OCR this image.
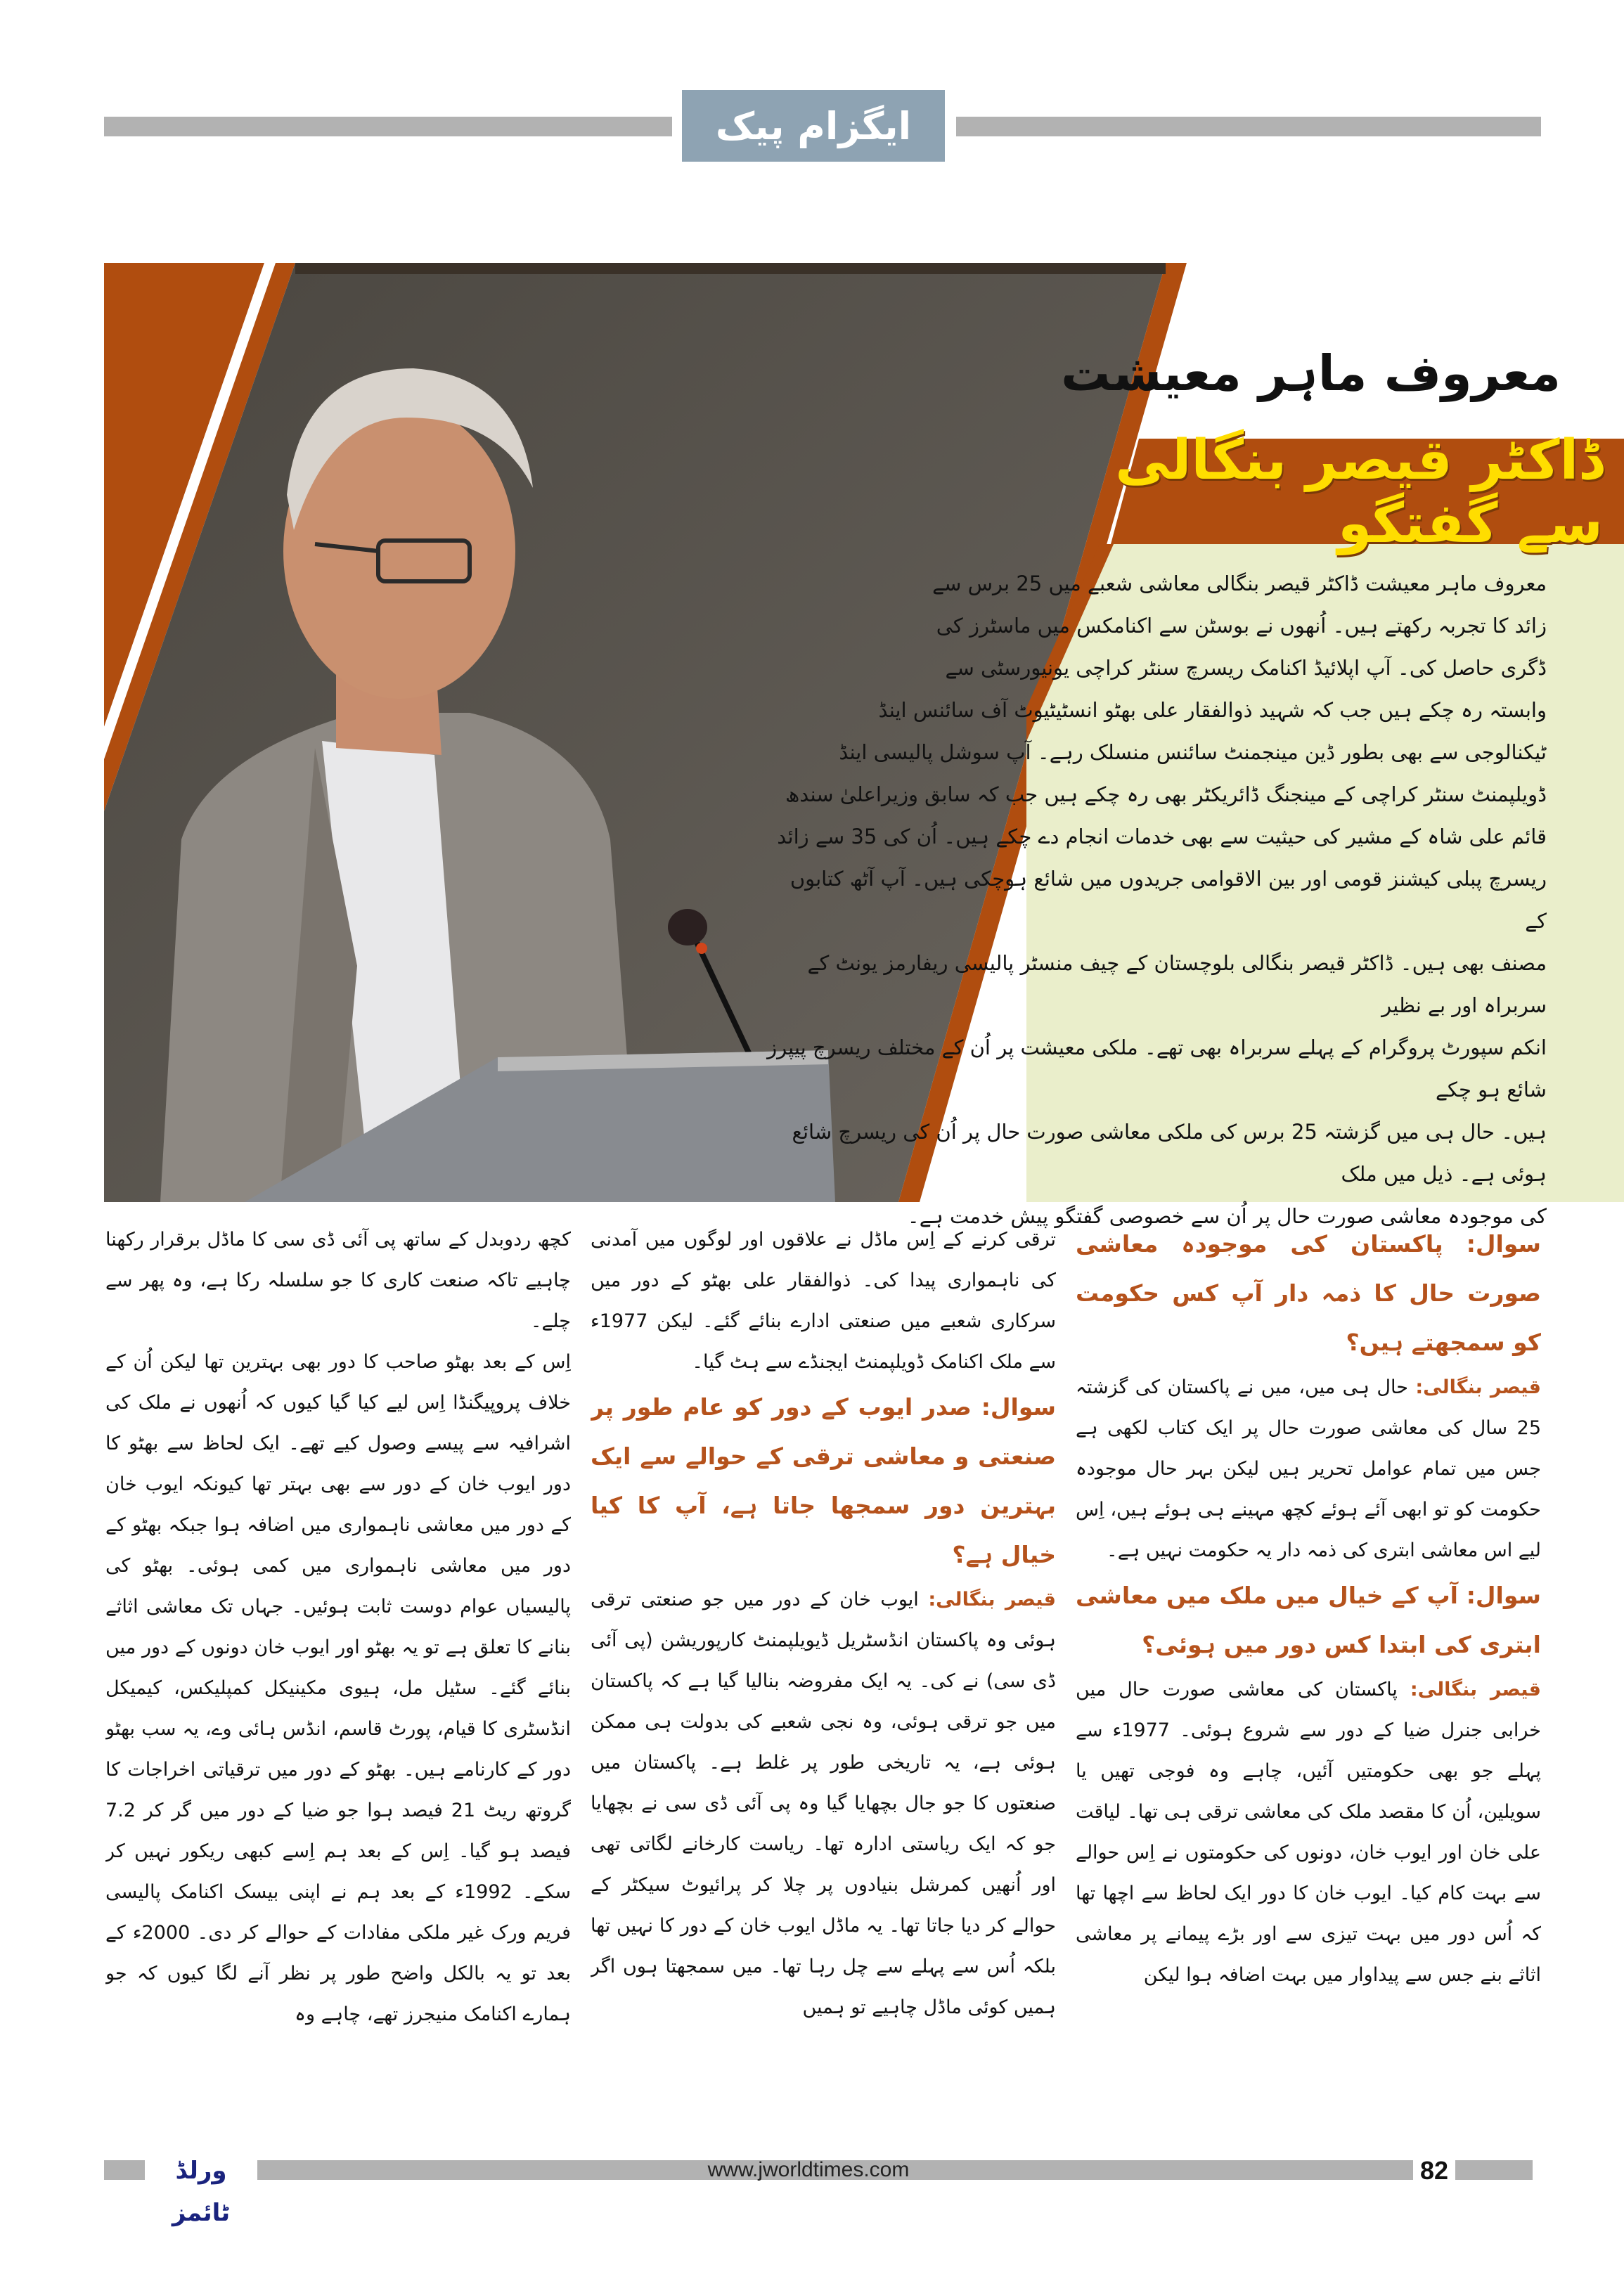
ایگزام پیک
معروف ماہر معیشت
ڈاکٹر قیصر بنگالی سے گفتگو

معروف ماہر معیشت ڈاکٹر قیصر بنگالی معاشی شعبے میں 25 برس سے

زائد کا تجربہ رکھتے ہیں۔ اُنھوں نے بوسٹن سے اکنامکس میں ماسٹرز کی

ڈگری حاصل کی۔ آپ اپلائیڈ اکنامک ریسرچ سنٹر کراچی یونیورسٹی سے

وابستہ رہ چکے ہیں جب کہ شہید ذوالفقار علی بھٹو انسٹیٹیوٹ آف سائنس اینڈ

ٹیکنالوجی سے بھی بطور ڈین مینجمنٹ سائنس منسلک رہے۔ آپ سوشل پالیسی اینڈ

ڈویلپمنٹ سنٹر کراچی کے مینجنگ ڈائریکٹر بھی رہ چکے ہیں جب کہ سابق وزیراعلیٰ سندھ

قائم علی شاہ کے مشیر کی حیثیت سے بھی خدمات انجام دے چکے ہیں۔ اُن کی 35 سے زائد

ریسرچ پبلی کیشنز قومی اور بین الاقوامی جریدوں میں شائع ہوچکی ہیں۔ آپ آٹھ کتابوں کے

مصنف بھی ہیں۔ ڈاکٹر قیصر بنگالی بلوچستان کے چیف منسٹر پالیسی ریفارمز یونٹ کے سربراہ اور بے نظیر

انکم سپورٹ پروگرام کے پہلے سربراہ بھی تھے۔ ملکی معیشت پر اُن کے مختلف ریسرچ پیپرز شائع ہو چکے

ہیں۔ حال ہی میں گزشتہ 25 برس کی ملکی معاشی صورت حال پر اُن کی ریسرچ شائع ہوئی ہے۔ ذیل میں ملک

کی موجودہ معاشی صورت حال پر اُن سے خصوصی گفتگو پیش خدمت ہے۔

سوال: پاکستان کی موجودہ معاشی صورت حال کا ذمہ دار آپ کس حکومت کو سمجھتے ہیں؟

قیصر بنگالی: حال ہی میں، میں نے پاکستان کی گزشتہ 25 سال کی معاشی صورت حال پر ایک کتاب لکھی ہے جس میں تمام عوامل تحریر ہیں لیکن بہر حال موجودہ حکومت کو تو ابھی آئے ہوئے کچھ مہینے ہی ہوئے ہیں، اِس لیے اس معاشی ابتری کی ذمہ دار یہ حکومت نہیں ہے۔

سوال: آپ کے خیال میں ملک میں معاشی ابتری کی ابتدا کس دور میں ہوئی؟

قیصر بنگالی: پاکستان کی معاشی صورت حال میں خرابی جنرل ضیا کے دور سے شروع ہوئی۔ 1977ء سے پہلے جو بھی حکومتیں آئیں، چاہے وہ فوجی تھیں یا سویلین، اُن کا مقصد ملک کی معاشی ترقی ہی تھا۔ لیاقت علی خان اور ایوب خان، دونوں کی حکومتوں نے اِس حوالے سے بہت کام کیا۔ ایوب خان کا دور ایک لحاظ سے اچھا تھا کہ اُس دور میں بہت تیزی سے اور بڑے پیمانے پر معاشی اثاثے بنے جس سے پیداوار میں بہت اضافہ ہوا لیکن

ترقی کرنے کے اِس ماڈل نے علاقوں اور لوگوں میں آمدنی کی ناہمواری پیدا کی۔ ذوالفقار علی بھٹو کے دور میں سرکاری شعبے میں صنعتی ادارے بنائے گئے۔ لیکن 1977ء سے ملک اکنامک ڈویلپمنٹ ایجنڈے سے ہٹ گیا۔

سوال: صدر ایوب کے دور کو عام طور پر صنعتی و معاشی ترقی کے حوالے سے ایک بہترین دور سمجھا جاتا ہے، آپ کا کیا خیال ہے؟

قیصر بنگالی: ایوب خان کے دور میں جو صنعتی ترقی ہوئی وہ پاکستان انڈسٹریل ڈیویلپمنٹ کارپوریشن (پی آئی ڈی سی) نے کی۔ یہ ایک مفروضہ بنالیا گیا ہے کہ پاکستان میں جو ترقی ہوئی، وہ نجی شعبے کی بدولت ہی ممکن ہوئی ہے، یہ تاریخی طور پر غلط ہے۔ پاکستان میں صنعتوں کا جو جال بچھایا گیا وہ پی آئی ڈی سی نے بچھایا جو کہ ایک ریاستی ادارہ تھا۔ ریاست کارخانے لگاتی تھی اور اُنھیں کمرشل بنیادوں پر چلا کر پرائیوٹ سیکٹر کے حوالے کر دیا جاتا تھا۔ یہ ماڈل ایوب خان کے دور کا نہیں تھا بلکہ اُس سے پہلے سے چل رہا تھا۔ میں سمجھتا ہوں اگر ہمیں کوئی ماڈل چاہیے تو ہمیں

کچھ ردوبدل کے ساتھ پی آئی ڈی سی کا ماڈل برقرار رکھنا چاہیے تاکہ صنعت کاری کا جو سلسلہ رکا ہے، وہ پھر سے چلے۔

اِس کے بعد بھٹو صاحب کا دور بھی بہترین تھا لیکن اُن کے خلاف پروپیگنڈا اِس لیے کیا گیا کیوں کہ اُنھوں نے ملک کی اشرافیہ سے پیسے وصول کیے تھے۔ ایک لحاظ سے بھٹو کا دور ایوب خان کے دور سے بھی بہتر تھا کیونکہ ایوب خان کے دور میں معاشی ناہمواری میں اضافہ ہوا جبکہ بھٹو کے دور میں معاشی ناہمواری میں کمی ہوئی۔ بھٹو کی پالیسیاں عوام دوست ثابت ہوئیں۔ جہاں تک معاشی اثاثے بنانے کا تعلق ہے تو یہ بھٹو اور ایوب خان دونوں کے دور میں بنائے گئے۔ سٹیل مل، ہیوی مکینیکل کمپلیکس، کیمیکل انڈسٹری کا قیام، پورٹ قاسم، انڈس ہائی وے، یہ سب بھٹو دور کے کارنامے ہیں۔ بھٹو کے دور میں ترقیاتی اخراجات کا گروتھ ریٹ 21 فیصد ہوا جو ضیا کے دور میں گر کر 7.2 فیصد ہو گیا۔ اِس کے بعد ہم اِسے کبھی ریکور نہیں کر سکے۔ 1992ء کے بعد ہم نے اپنی بیسک اکنامک پالیسی فریم ورک غیر ملکی مفادات کے حوالے کر دی۔ 2000ء کے بعد تو یہ بالکل واضح طور پر نظر آنے لگا کیوں کہ جو ہمارے اکنامک منیجرز تھے، چاہے وہ

ورلڈ ٹائمز
www.jworldtimes.com	82
